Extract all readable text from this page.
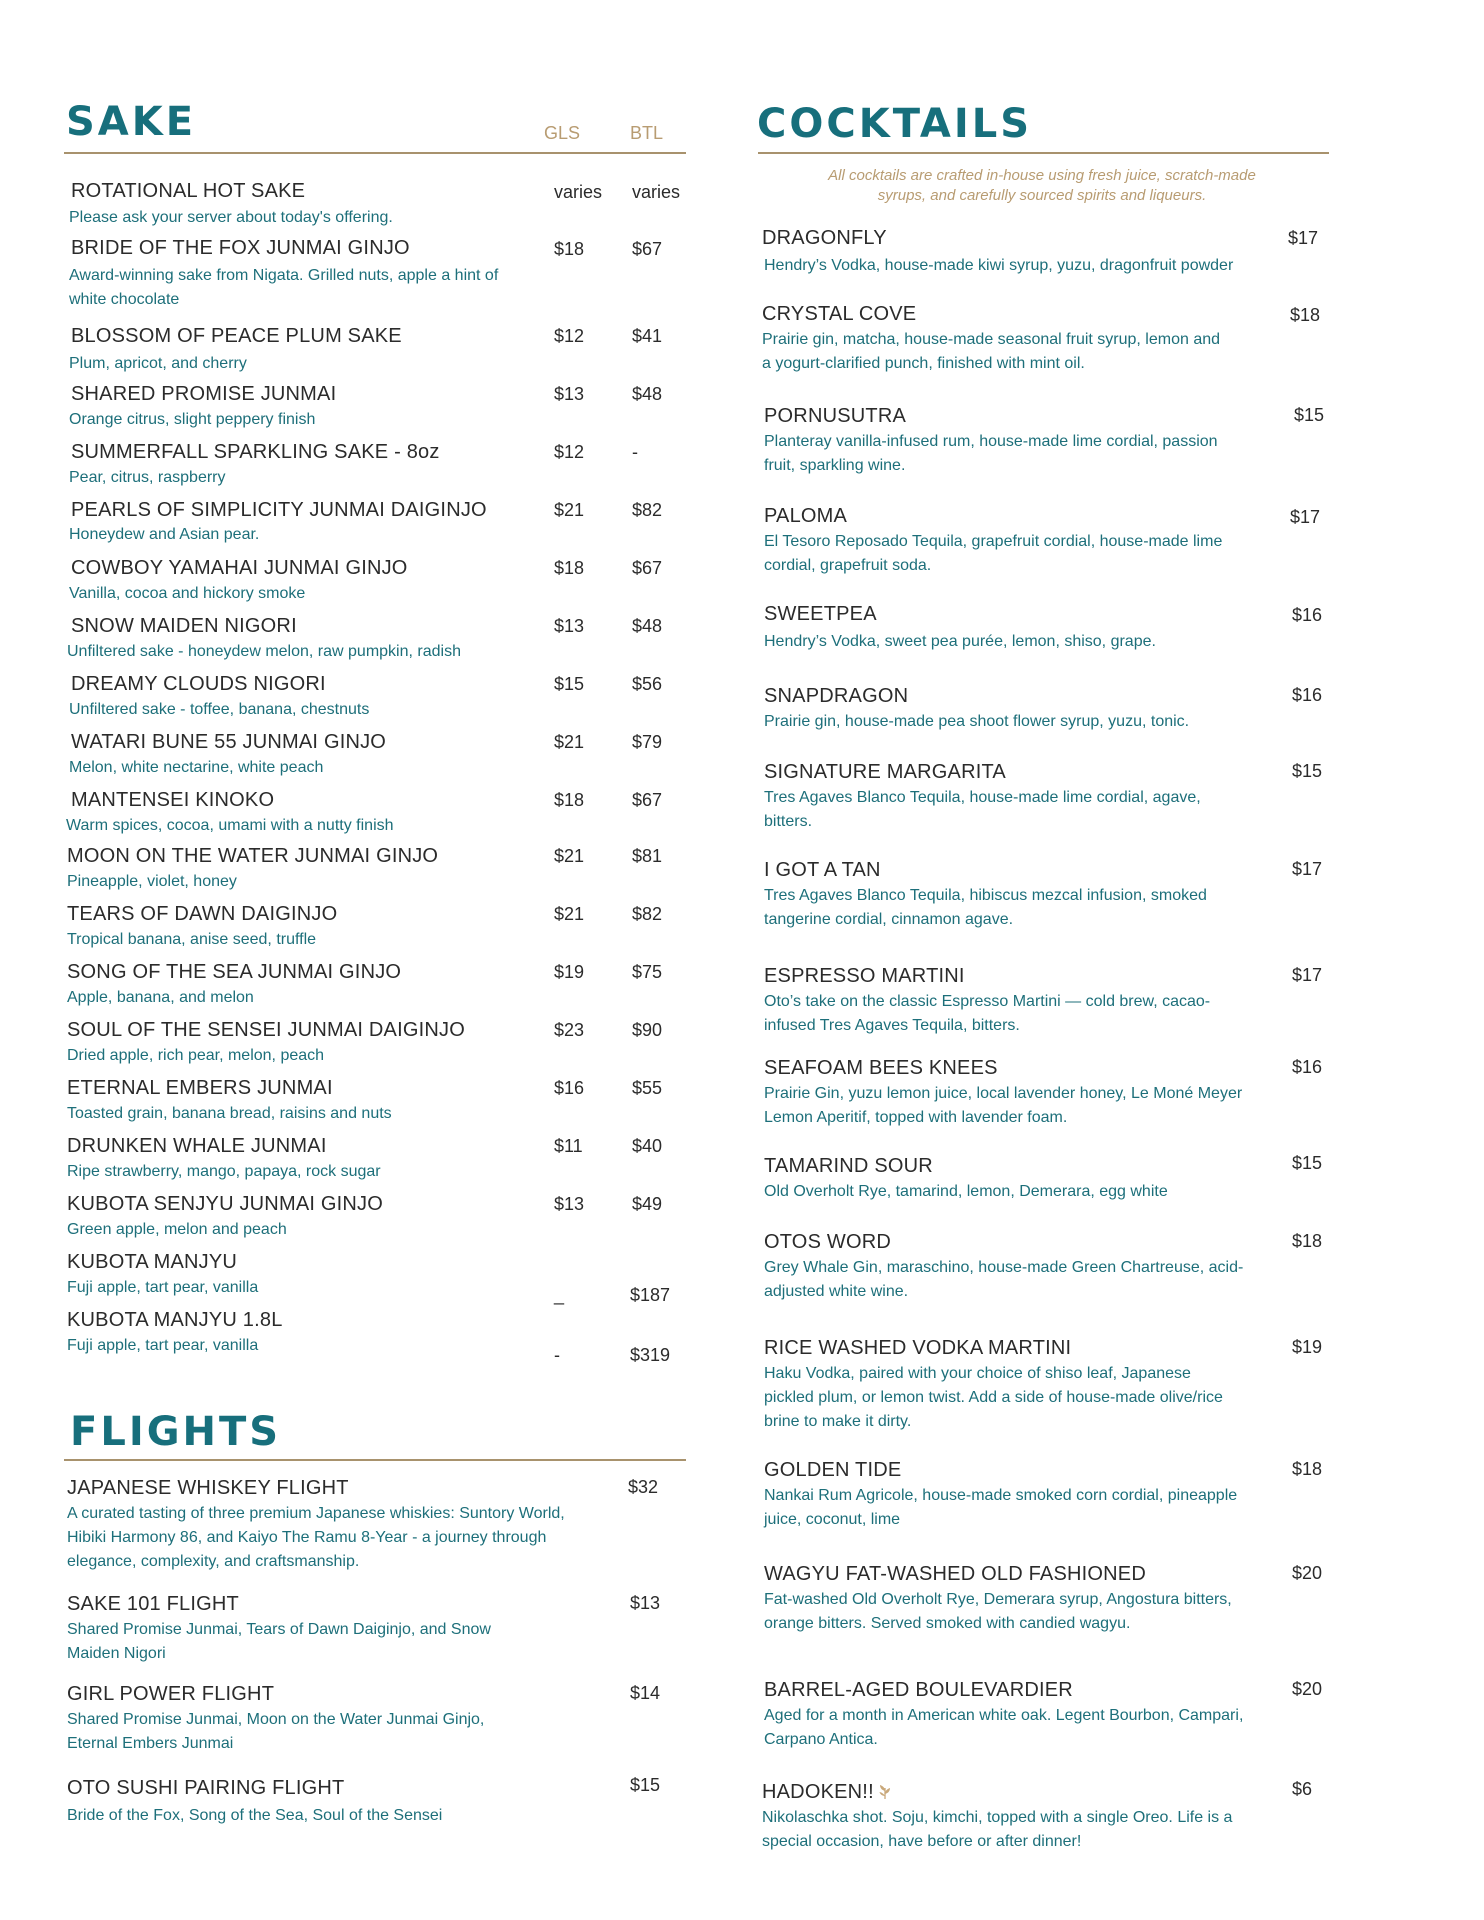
SAKE	GLS	BTL
ROTATIONAL HOT SAKE
Please ask your server about today's offering.
varies varies
BRIDE OF THE FOX JUNMAI GINJO
Award-winning sake from Nigata. Grilled nuts, apple a hint of white chocolate
$18	$67
BLOSSOM OF PEACE PLUM SAKE
Plum, apricot, and cherry
$12	$41
SHARED PROMISE JUNMAI
Orange citrus, slight peppery finish
$13	$48
SUMMERFALL SPARKLING SAKE - 8oz
Pear, citrus, raspberry
$12	-
PEARLS OF SIMPLICITY JUNMAI DAIGINJO
Honeydew and Asian pear.
$21	$82
COWBOY YAMAHAI JUNMAI GINJO
Vanilla, cocoa and hickory smoke
$18	$67
SNOW MAIDEN NIGORI
Unfiltered sake - honeydew melon, raw pumpkin, radish
$13	$48
DREAMY CLOUDS NIGORI
Unfiltered sake - toffee, banana, chestnuts
$15	$56
WATARI BUNE 55 JUNMAI GINJO
Melon, white nectarine, white peach
$21	$79
MANTENSEI KINOKO
Warm spices, cocoa, umami with a nutty finish
$18	$67
MOON ON THE WATER JUNMAI GINJO
Pineapple, violet, honey
$21	$81
TEARS OF DAWN DAIGINJO
Tropical banana, anise seed, truffle
$21	$82
SONG OF THE SEA JUNMAI GINJO
Apple, banana, and melon
$19	$75
SOUL OF THE SENSEI JUNMAI DAIGINJO
Dried apple, rich pear, melon, peach
$23	$90
ETERNAL EMBERS JUNMAI
Toasted grain, banana bread, raisins and nuts
$16	$55
DRUNKEN WHALE JUNMAI
Ripe strawberry, mango, papaya, rock sugar
$11	$40
KUBOTA SENJYU JUNMAI GINJO
Green apple, melon and peach
$13	$49
KUBOTA MANJYU
Fuji apple, tart pear, vanilla	_	$187
KUBOTA MANJYU 1.8L
Fuji apple, tart pear, vanilla	-	$319
FLIGHTS
JAPANESE WHISKEY FLIGHT
A curated tasting of three premium Japanese whiskies: Suntory World, Hibiki Harmony 86, and Kaiyo The Ramu 8-Year - a journey through elegance, complexity, and craftsmanship.
$32
SAKE 101 FLIGHT
Shared Promise Junmai, Tears of Dawn Daiginjo, and Snow Maiden Nigori
$13
GIRL POWER FLIGHT
Shared Promise Junmai, Moon on the Water Junmai Ginjo, Eternal Embers Junmai
$14
OTO SUSHI PAIRING FLIGHT
Bride of the Fox, Song of the Sea, Soul of the Sensei
$15
COCKTAILS
All cocktails are crafted in-house using fresh juice, scratch-made syrups, and carefully sourced spirits and liqueurs.
DRAGONFLY
Hendry’s Vodka, house-made kiwi syrup, yuzu, dragonfruit powder
$17
CRYSTAL COVE
Prairie gin, matcha, house-made seasonal fruit syrup, lemon and a yogurt-clarified punch, finished with mint oil.
$18
PORNUSUTRA
Planteray vanilla-infused rum, house-made lime cordial, passion fruit, sparkling wine.
$15
PALOMA
El Tesoro Reposado Tequila, grapefruit cordial, house-made lime cordial, grapefruit soda.
$17
SWEETPEA
Hendry’s Vodka, sweet pea purée, lemon, shiso, grape.
$16
SNAPDRAGON
Prairie gin, house-made pea shoot flower syrup, yuzu, tonic.
$16
SIGNATURE MARGARITA
Tres Agaves Blanco Tequila, house-made lime cordial, agave, bitters.
$15
I GOT A TAN
Tres Agaves Blanco Tequila, hibiscus mezcal infusion, smoked tangerine cordial, cinnamon agave.
$17
ESPRESSO MARTINI
Oto’s take on the classic Espresso Martini — cold brew, cacao-infused Tres Agaves Tequila, bitters.
$17
SEAFOAM BEES KNEES
Prairie Gin, yuzu lemon juice, local lavender honey, Le Moné Meyer Lemon Aperitif, topped with lavender foam.
$16
TAMARIND SOUR
Old Overholt Rye, tamarind, lemon, Demerara, egg white
$15
OTOS WORD
Grey Whale Gin, maraschino, house-made Green Chartreuse, acid-adjusted white wine.
$18
RICE WASHED VODKA MARTINI
Haku Vodka, paired with your choice of shiso leaf, Japanese pickled plum, or lemon twist. Add a side of house-made olive/rice brine to make it dirty.
$19
GOLDEN TIDE
Nankai Rum Agricole, house-made smoked corn cordial, pineapple juice, coconut, lime
$18
WAGYU FAT-WASHED OLD FASHIONED
Fat-washed Old Overholt Rye, Demerara syrup, Angostura bitters, orange bitters. Served smoked with candied wagyu.
$20
BARREL-AGED BOULEVARDIER
Aged for a month in American white oak. Legent Bourbon, Campari, Carpano Antica.
$20
HADOKEN!!
Nikolaschka shot. Soju, kimchi, topped with a single Oreo. Life is a special occasion, have before or after dinner!
$6
